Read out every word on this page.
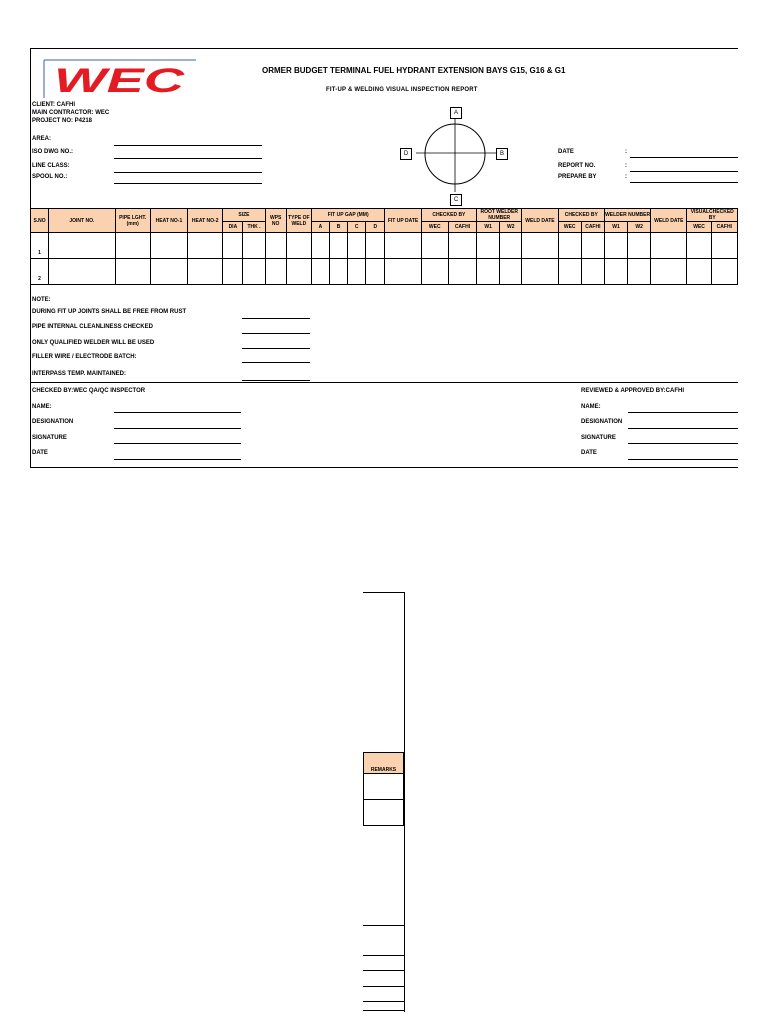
WEC	ORMER BUDGET TERMINAL FUEL HYDRANT EXTENSION BAYS G15, G16 & G1
FIT-UP & WELDING VISUAL INSPECTION REPORT
CLIENT: CAFHI
MAIN CONTRACTOR: WEC
PROJECT NO: P4218
AREA:
ISO DWG NO.:
LINE CLASS:
SPOOL NO.:
A
B
C
D	DATE	:
REPORT NO.	:
PREPARE BY	:
S.NO	JOINT NO.	PIPE LGHT. (mm)	HEAT NO-1	HEAT NO-2	SIZE		WPS NO	TYPE OF WELD	FIT UP GAP (MM)				FIT UP DATE	CHECKED BY		ROOT WELDER NUMBER		WELD DATE	CHECKED BY		WELDER NUMBER		WELD DATE	VISUALCHECKED BY	
					DIA	THK .			A	B	C	D		WEC	CAFHI	W1	W2		WEC	CAFHI	W1	W2		WEC	CAFHI
1																									
2																									
NOTE:
DURING FIT UP JOINTS SHALL BE FREE FROM RUST
PIPE INTERNAL CLEANLINESS CHECKED
ONLY QUALIFIED WELDER WILL BE USED
FILLER WIRE / ELECTRODE BATCH:
INTERPASS TEMP. MAINTAINED:
CHECKED BY:WEC QA/QC INSPECTOR	REVIEWED & APPROVED BY:CAFHI
NAME:	NAME:
DESIGNATION	DESIGNATION
SIGNATURE	SIGNATURE
DATE	DATE
REMARKS
